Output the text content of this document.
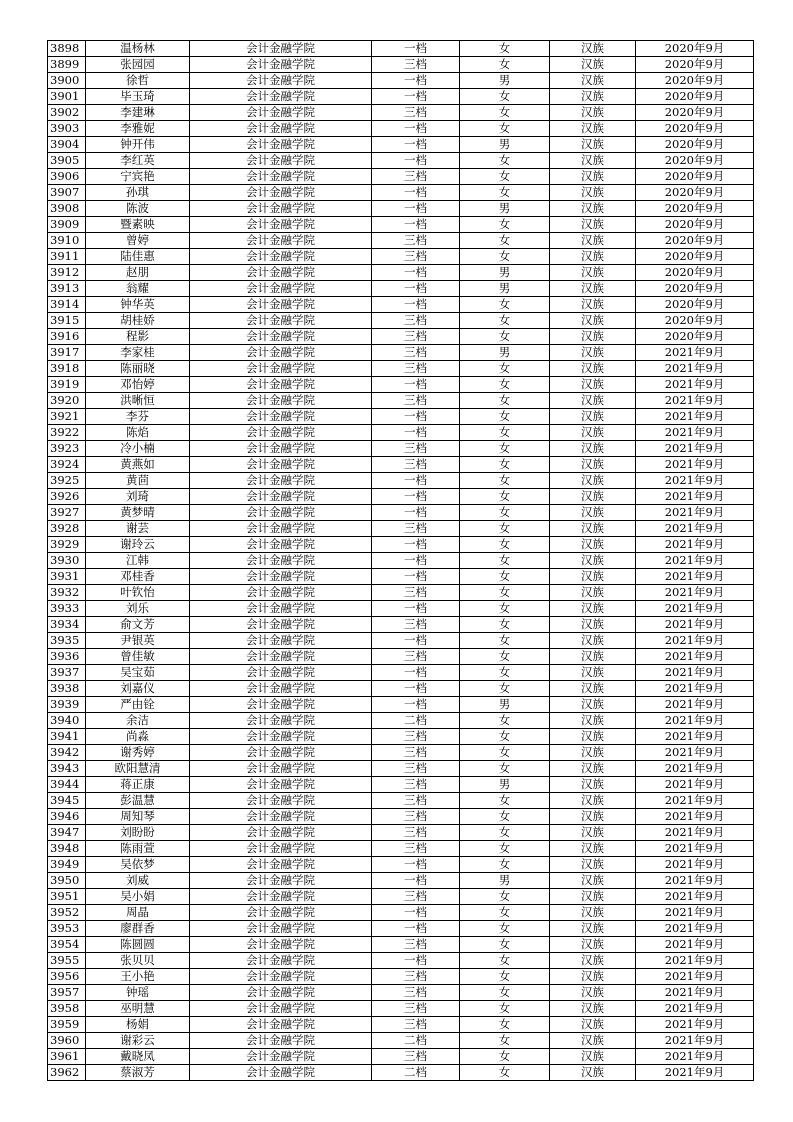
3898	温杨林	会计金融学院	一档	女	汉族	2020年9月
3899	张园园	会计金融学院	三档	女	汉族	2020年9月
3900	徐哲	会计金融学院	一档	男	汉族	2020年9月
3901	毕玉琦	会计金融学院	一档	女	汉族	2020年9月
3902	李建琳	会计金融学院	三档	女	汉族	2020年9月
3903	李雅妮	会计金融学院	一档	女	汉族	2020年9月
3904	钟开伟	会计金融学院	一档	男	汉族	2020年9月
3905	李红英	会计金融学院	一档	女	汉族	2020年9月
3906	宁宾艳	会计金融学院	三档	女	汉族	2020年9月
3907	孙琪	会计金融学院	一档	女	汉族	2020年9月
3908	陈波	会计金融学院	一档	男	汉族	2020年9月
3909	暨素映	会计金融学院	一档	女	汉族	2020年9月
3910	曾婷	会计金融学院	三档	女	汉族	2020年9月
3911	陆佳惠	会计金融学院	三档	女	汉族	2020年9月
3912	赵朋	会计金融学院	一档	男	汉族	2020年9月
3913	翁耀	会计金融学院	一档	男	汉族	2020年9月
3914	钟华英	会计金融学院	一档	女	汉族	2020年9月
3915	胡桂娇	会计金融学院	三档	女	汉族	2020年9月
3916	程影	会计金融学院	三档	女	汉族	2020年9月
3917	李家桂	会计金融学院	三档	男	汉族	2021年9月
3918	陈丽晓	会计金融学院	三档	女	汉族	2021年9月
3919	邓怡婷	会计金融学院	一档	女	汉族	2021年9月
3920	洪晰恒	会计金融学院	三档	女	汉族	2021年9月
3921	李芬	会计金融学院	一档	女	汉族	2021年9月
3922	陈焰	会计金融学院	一档	女	汉族	2021年9月
3923	冷小楠	会计金融学院	三档	女	汉族	2021年9月
3924	黄燕如	会计金融学院	三档	女	汉族	2021年9月
3925	黄茴	会计金融学院	一档	女	汉族	2021年9月
3926	刘琦	会计金融学院	一档	女	汉族	2021年9月
3927	黄梦晴	会计金融学院	一档	女	汉族	2021年9月
3928	谢芸	会计金融学院	三档	女	汉族	2021年9月
3929	谢玲云	会计金融学院	一档	女	汉族	2021年9月
3930	江韩	会计金融学院	一档	女	汉族	2021年9月
3931	邓桂香	会计金融学院	一档	女	汉族	2021年9月
3932	叶钦怡	会计金融学院	三档	女	汉族	2021年9月
3933	刘乐	会计金融学院	一档	女	汉族	2021年9月
3934	俞文芳	会计金融学院	三档	女	汉族	2021年9月
3935	尹银英	会计金融学院	一档	女	汉族	2021年9月
3936	曾佳敏	会计金融学院	三档	女	汉族	2021年9月
3937	吴宝茹	会计金融学院	一档	女	汉族	2021年9月
3938	刘嘉仪	会计金融学院	一档	女	汉族	2021年9月
3939	严由铨	会计金融学院	一档	男	汉族	2021年9月
3940	余洁	会计金融学院	二档	女	汉族	2021年9月
3941	尚淼	会计金融学院	三档	女	汉族	2021年9月
3942	谢秀婷	会计金融学院	三档	女	汉族	2021年9月
3943	欧阳慧清	会计金融学院	三档	女	汉族	2021年9月
3944	蒋正康	会计金融学院	三档	男	汉族	2021年9月
3945	彭温慧	会计金融学院	三档	女	汉族	2021年9月
3946	周知琴	会计金融学院	三档	女	汉族	2021年9月
3947	刘盼盼	会计金融学院	三档	女	汉族	2021年9月
3948	陈雨萱	会计金融学院	三档	女	汉族	2021年9月
3949	吴依梦	会计金融学院	一档	女	汉族	2021年9月
3950	刘威	会计金融学院	一档	男	汉族	2021年9月
3951	吴小娟	会计金融学院	三档	女	汉族	2021年9月
3952	周晶	会计金融学院	一档	女	汉族	2021年9月
3953	廖群香	会计金融学院	一档	女	汉族	2021年9月
3954	陈圆圆	会计金融学院	三档	女	汉族	2021年9月
3955	张贝贝	会计金融学院	一档	女	汉族	2021年9月
3956	王小艳	会计金融学院	三档	女	汉族	2021年9月
3957	钟瑶	会计金融学院	三档	女	汉族	2021年9月
3958	巫明慧	会计金融学院	三档	女	汉族	2021年9月
3959	杨娟	会计金融学院	三档	女	汉族	2021年9月
3960	谢彩云	会计金融学院	二档	女	汉族	2021年9月
3961	戴晓凤	会计金融学院	三档	女	汉族	2021年9月
3962	蔡淑芳	会计金融学院	二档	女	汉族	2021年9月
